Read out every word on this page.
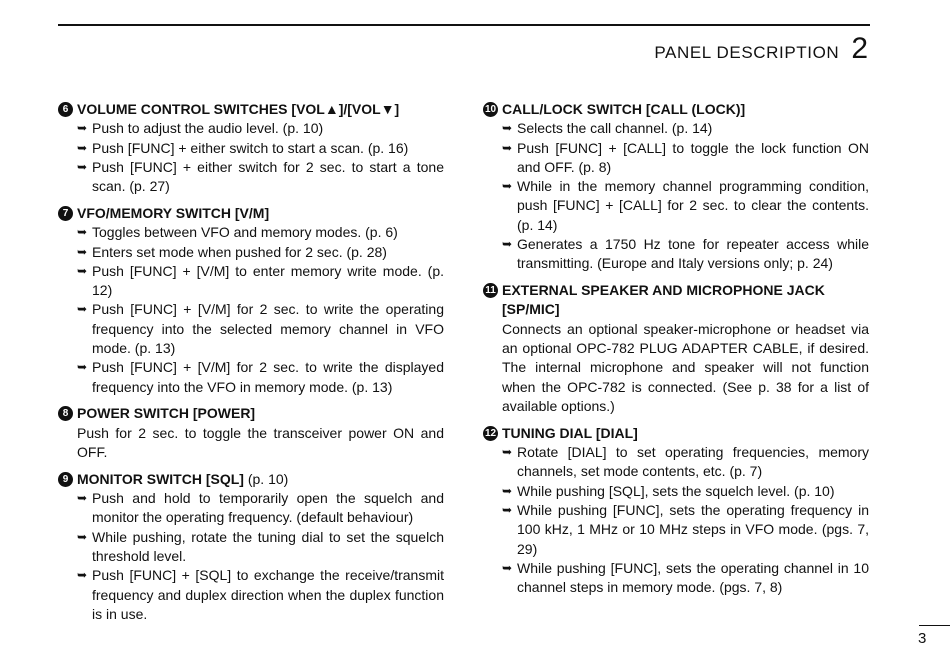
PANEL DESCRIPTION 2
6 VOLUME CONTROL SWITCHES [VOL▲]/[VOL▼]
➥ Push to adjust the audio level. (p. 10)
➥ Push [FUNC] + either switch to start a scan. (p. 16)
➥ Push [FUNC] + either switch for 2 sec. to start a tone scan. (p. 27)
7 VFO/MEMORY SWITCH [V/M]
➥ Toggles between VFO and memory modes. (p. 6)
➥ Enters set mode when pushed for 2 sec. (p. 28)
➥ Push [FUNC] + [V/M] to enter memory write mode. (p. 12)
➥ Push [FUNC] + [V/M] for 2 sec. to write the operating frequency into the selected memory channel in VFO mode. (p. 13)
➥ Push [FUNC] + [V/M] for 2 sec. to write the displayed frequency into the VFO in memory mode. (p. 13)
8 POWER SWITCH [POWER]
Push for 2 sec. to toggle the transceiver power ON and OFF.
9 MONITOR SWITCH [SQL] (p. 10)
➥ Push and hold to temporarily open the squelch and monitor the operating frequency. (default behaviour)
➥ While pushing, rotate the tuning dial to set the squelch threshold level.
➥ Push [FUNC] + [SQL] to exchange the receive/transmit frequency and duplex direction when the duplex function is in use.
10 CALL/LOCK SWITCH [CALL (LOCK)]
➥ Selects the call channel. (p. 14)
➥ Push [FUNC] + [CALL] to toggle the lock function ON and OFF. (p. 8)
➥ While in the memory channel programming condition, push [FUNC] + [CALL] for 2 sec. to clear the contents. (p. 14)
➥ Generates a 1750 Hz tone for repeater access while transmitting. (Europe and Italy versions only; p. 24)
11 EXTERNAL SPEAKER AND MICROPHONE JACK [SP/MIC]
Connects an optional speaker-microphone or headset via an optional OPC-782 PLUG ADAPTER CABLE, if desired. The internal microphone and speaker will not function when the OPC-782 is connected. (See p. 38 for a list of available options.)
12 TUNING DIAL [DIAL]
➥ Rotate [DIAL] to set operating frequencies, memory channels, set mode contents, etc. (p. 7)
➥ While pushing [SQL], sets the squelch level. (p. 10)
➥ While pushing [FUNC], sets the operating frequency in 100 kHz, 1 MHz or 10 MHz steps in VFO mode. (pgs. 7, 29)
➥ While pushing [FUNC], sets the operating channel in 10 channel steps in memory mode. (pgs. 7, 8)
3
